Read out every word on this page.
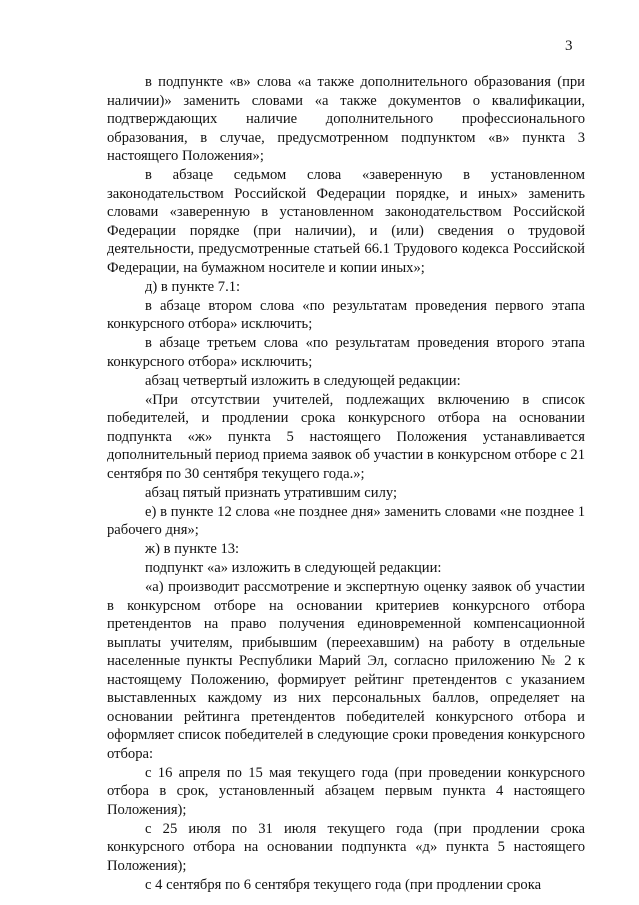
3

в подпункте «в» слова «а также дополнительного образования (при наличии)» заменить словами «а также документов о квалификации, подтверждающих наличие дополнительного профессионального образования, в случае, предусмотренном подпунктом «в» пункта 3 настоящего Положения»;

в абзаце седьмом слова «заверенную в установленном законодательством Российской Федерации порядке, и иных» заменить словами «заверенную в установленном законодательством Российской Федерации порядке (при наличии), и (или) сведения о трудовой деятельности, предусмотренные статьей 66.1 Трудового кодекса Российской Федерации, на бумажном носителе и копии иных»;

д) в пункте 7.1:

в абзаце втором слова «по результатам проведения первого этапа конкурсного отбора» исключить;

в абзаце третьем слова «по результатам проведения второго этапа конкурсного отбора» исключить;

абзац четвертый изложить в следующей редакции:

«При отсутствии учителей, подлежащих включению в список победителей, и продлении срока конкурсного отбора на основании подпункта «ж» пункта 5 настоящего Положения устанавливается дополнительный период приема заявок об участии в конкурсном отборе с 21 сентября по 30 сентября текущего года.»;

абзац пятый признать утратившим силу;

е) в пункте 12 слова «не позднее дня» заменить словами «не позднее 1 рабочего дня»;

ж) в пункте 13:

подпункт «а» изложить в следующей редакции:

«а) производит рассмотрение и экспертную оценку заявок об участии в конкурсном отборе на основании критериев конкурсного отбора претендентов на право получения единовременной компенсационной выплаты учителям, прибывшим (переехавшим) на работу в отдельные населенные пункты Республики Марий Эл, согласно приложению № 2 к настоящему Положению, формирует рейтинг претендентов с указанием выставленных каждому из них персональных баллов, определяет на основании рейтинга претендентов победителей конкурсного отбора и оформляет список победителей в следующие сроки проведения конкурсного отбора:

с 16 апреля по 15 мая текущего года (при проведении конкурсного отбора в срок, установленный абзацем первым пункта 4 настоящего Положения);

с 25 июля по 31 июля текущего года (при продлении срока конкурсного отбора на основании подпункта «д» пункта 5 настоящего Положения);

с 4 сентября по 6 сентября текущего года (при продлении срока
